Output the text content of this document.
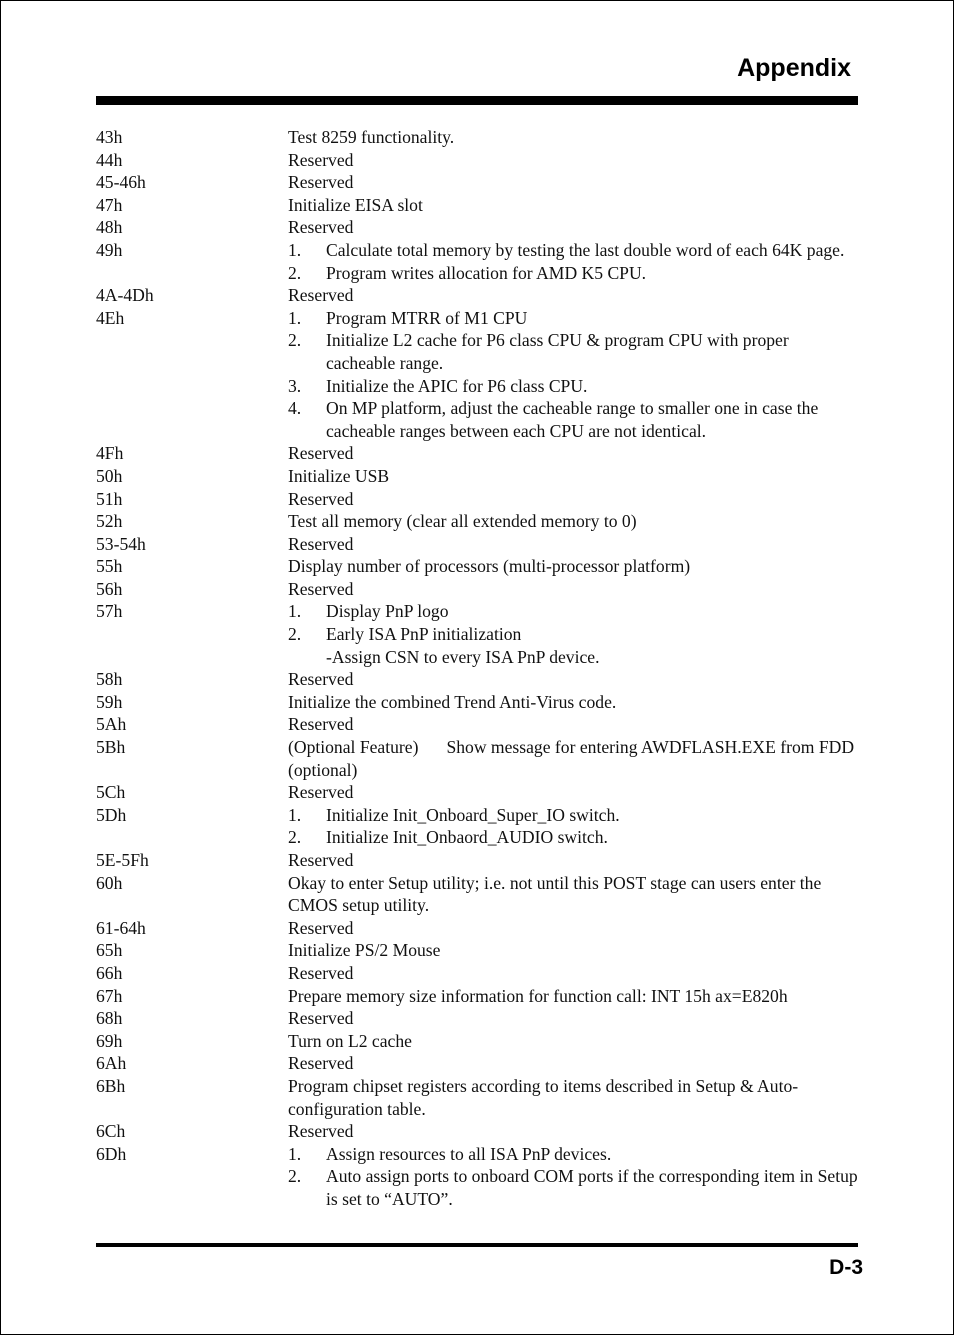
Appendix
43h	Test 8259 functionality.
44h	Reserved
45-46h	Reserved
47h	Initialize EISA slot
48h	Reserved
49h	1.	Calculate total memory by testing the last double word of each 64K page.
2.	Program writes allocation for AMD K5 CPU.
4A-4Dh	Reserved
4Eh	1.	Program MTRR of M1 CPU
2.	Initialize L2 cache for P6 class CPU & program CPU with proper cacheable range.
3.	Initialize the APIC for P6 class CPU.
4.	On MP platform, adjust the cacheable range to smaller one in case the cacheable ranges between each CPU are not identical.
4Fh	Reserved
50h	Initialize USB
51h	Reserved
52h	Test all memory (clear all extended memory to 0)
53-54h	Reserved
55h	Display number of processors (multi-processor platform)
56h	Reserved
57h	1.	Display PnP logo
2.	Early ISA PnP initialization
-Assign CSN to every ISA PnP device.
58h	Reserved
59h	Initialize the combined Trend Anti-Virus code.
5Ah	Reserved
5Bh	(Optional Feature) Show message for entering AWDFLASH.EXE from FDD (optional)
5Ch	Reserved
5Dh	1.	Initialize Init_Onboard_Super_IO switch.
2.	Initialize Init_Onbaord_AUDIO switch.
5E-5Fh	Reserved
60h	Okay to enter Setup utility; i.e. not until this POST stage can users enter the CMOS setup utility.
61-64h	Reserved
65h	Initialize PS/2 Mouse
66h	Reserved
67h	Prepare memory size information for function call: INT 15h ax=E820h
68h	Reserved
69h	Turn on L2 cache
6Ah	Reserved
6Bh	Program chipset registers according to items described in Setup & Auto-configuration table.
6Ch	Reserved
6Dh	1.	Assign resources to all ISA PnP devices.
2.	Auto assign ports to onboard COM ports if the corresponding item in Setup is set to “AUTO”.
D-3
